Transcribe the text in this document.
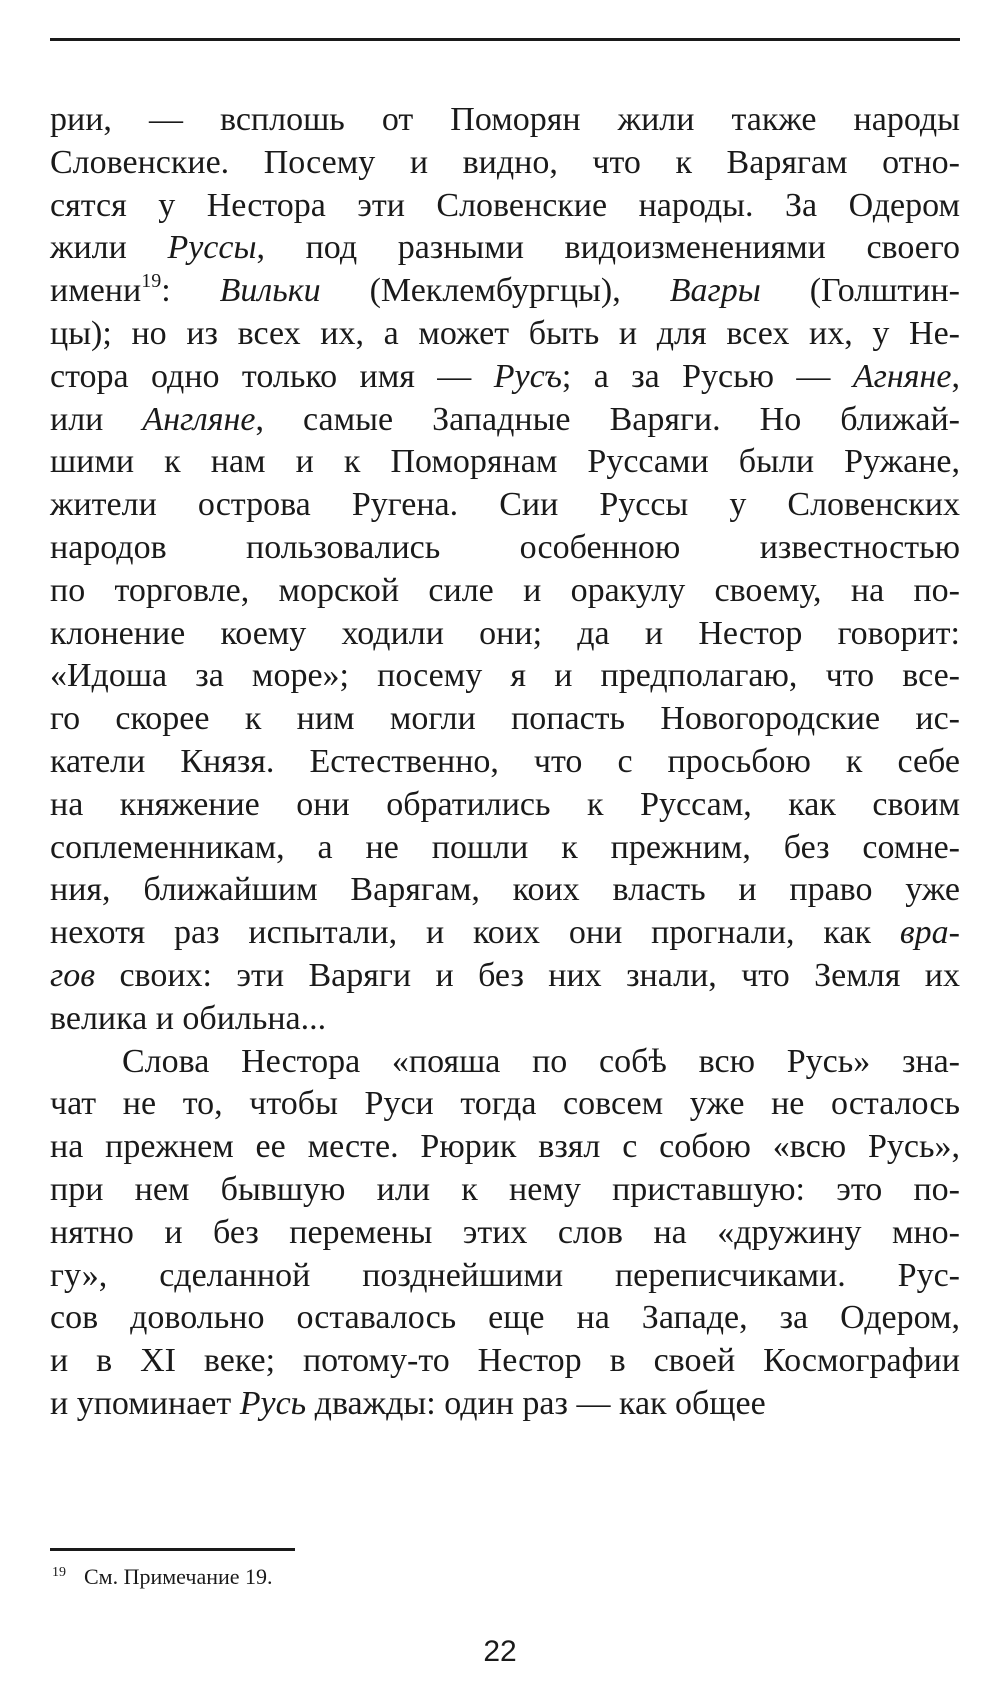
рии, — всплошь от Поморян жили также народы
Словенские. Посему и видно, что к Варягам отно-
сятся у Нестора эти Словенские народы. За Одером
жили Руссы, под разными видоизменениями своего
имени$^{19}$: Вильки (Меклембургцы), Вагры (Голштин-
цы); но из всех их, а может быть и для всех их, у Не-
стора одно только имя — Русъ; а за Русью — Агняне,
или Англяне, самые Западные Варяги. Но ближай-
шими к нам и к Поморянам Руссами были Ружане,
жители острова Ругена. Сии Руссы у Словенских
народов пользовались особенною известностью
по торговле, морской силе и оракулу своему, на по-
клонение коему ходили они; да и Нестор говорит:
«Идоша за море»; посему я и предполагаю, что все-
го скорее к ним могли попасть Новогородские ис-
катели Князя. Естественно, что с просьбою к себе
на княжение они обратились к Руссам, как своим
соплеменникам, а не пошли к прежним, без сомне-
ния, ближайшим Варягам, коих власть и право уже
нехотя раз испытали, и коих они прогнали, как вра-
гов своих: эти Варяги и без них знали, что Земля их
велика и обильна...
Слова Нестора «пояша по собѣ всю Русь» зна-
чат не то, чтобы Руси тогда совсем уже не осталось
на прежнем ее месте. Рюрик взял с собою «всю Русь»,
при нем бывшую или к нему приставшую: это по-
нятно и без перемены этих слов на «дружину мно-
гу», сделанной позднейшими переписчиками. Рус-
сов довольно оставалось еще на Западе, за Одером,
и в XI веке; потому-то Нестор в своей Космографии
и упоминает Русь дважды: один раз — как общее
$^{19}$ См. Примечание 19.
22
